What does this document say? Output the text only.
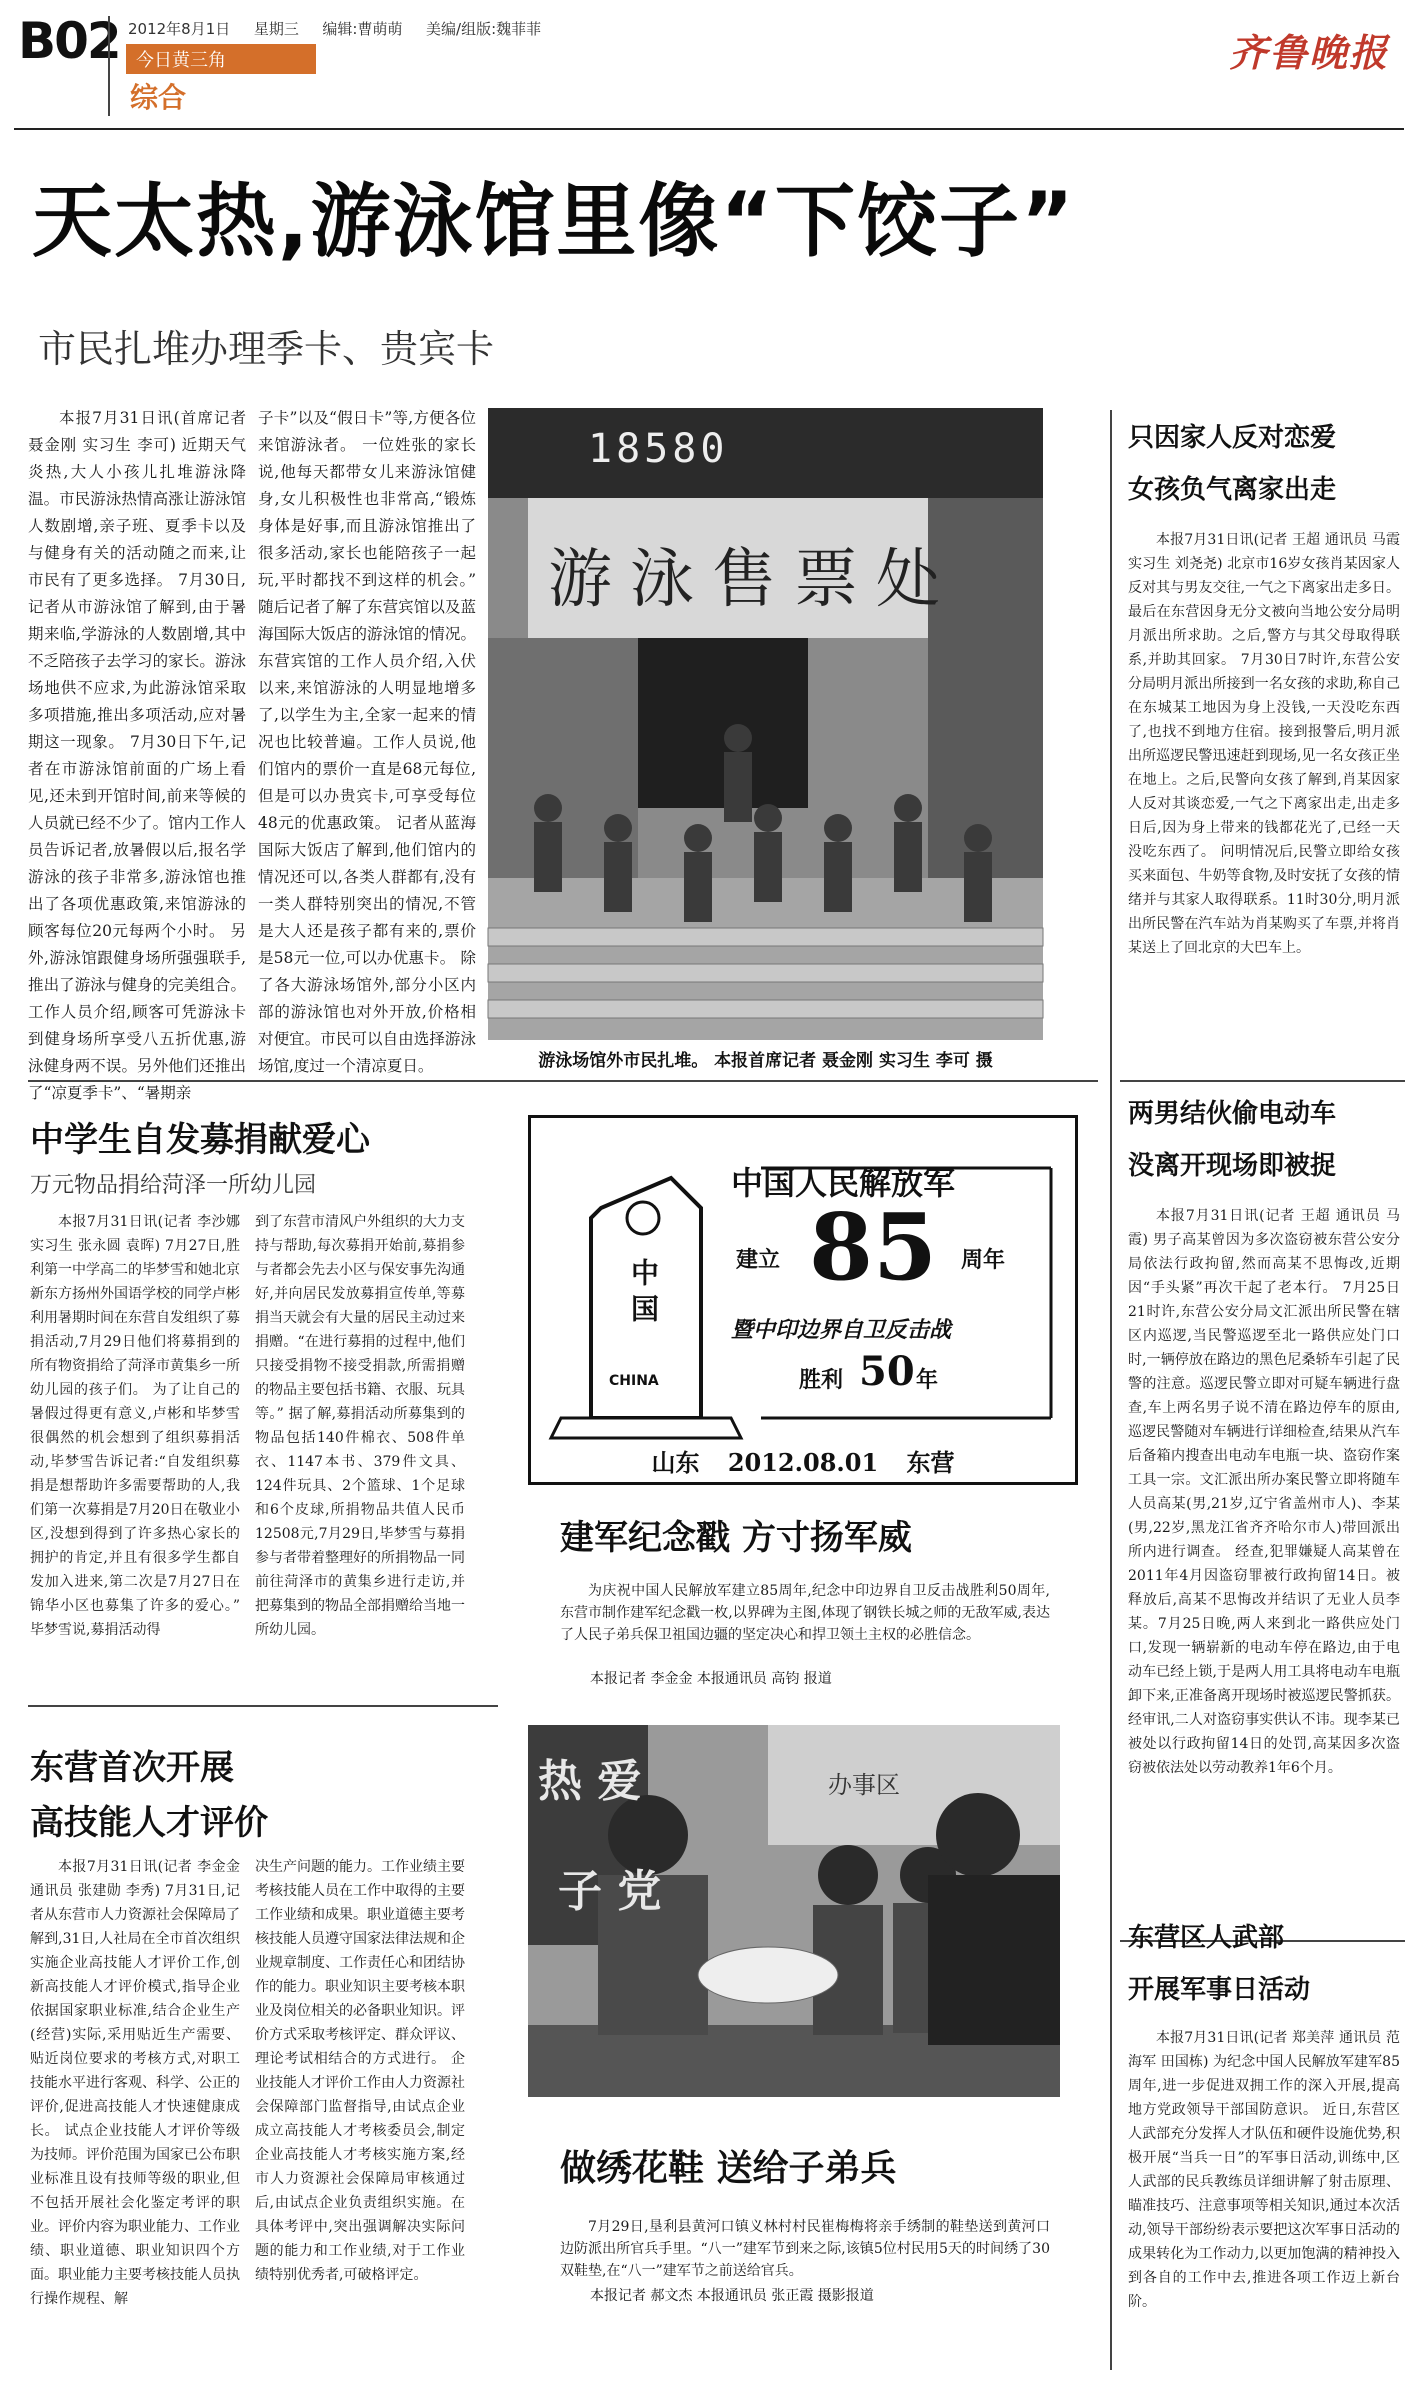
B02 2012年8月1日 星期三 编辑:曹萌萌 美编/组版:魏菲菲
今日黄三角
综合
齐鲁晚报
天太热,游泳馆里像“下饺子”
市民扎堆办理季卡、贵宾卡
本报7月31日讯(首席记者 聂金刚 实习生 李可) 近期天气炎热,大人小孩儿扎堆游泳降温。市民游泳热情高涨让游泳馆人数剧增,亲子班、夏季卡以及与健身有关的活动随之而来,让市民有了更多选择。 7月30日,记者从市游泳馆了解到,由于暑期来临,学游泳的人数剧增,其中不乏陪孩子去学习的家长。游泳场地供不应求,为此游泳馆采取多项措施,推出多项活动,应对暑期这一现象。 7月30日下午,记者在市游泳馆前面的广场上看见,还未到开馆时间,前来等候的人员就已经不少了。馆内工作人员告诉记者,放暑假以后,报名学游泳的孩子非常多,游泳馆也推出了各项优惠政策,来馆游泳的顾客每位20元每两个小时。 另外,游泳馆跟健身场所强强联手,推出了游泳与健身的完美组合。工作人员介绍,顾客可凭游泳卡到健身场所享受八五折优惠,游泳健身两不误。另外他们还推出了“凉夏季卡”、“暑期亲
子卡”以及“假日卡”等,方便各位来馆游泳者。 一位姓张的家长说,他每天都带女儿来游泳馆健身,女儿积极性也非常高,“锻炼身体是好事,而且游泳馆推出了很多活动,家长也能陪孩子一起玩,平时都找不到这样的机会。” 随后记者了解了东营宾馆以及蓝海国际大饭店的游泳馆的情况。东营宾馆的工作人员介绍,入伏以来,来馆游泳的人明显地增多了,以学生为主,全家一起来的情况也比较普遍。工作人员说,他们馆内的票价一直是68元每位,但是可以办贵宾卡,可享受每位48元的优惠政策。 记者从蓝海国际大饭店了解到,他们馆内的情况还可以,各类人群都有,没有一类人群特别突出的情况,不管是大人还是孩子都有来的,票价是58元一位,可以办优惠卡。 除了各大游泳场馆外,部分小区内部的游泳馆也对外开放,价格相对便宜。市民可以自由选择游泳场馆,度过一个清凉夏日。
18580
游泳售票处
游泳场馆外市民扎堆。 本报首席记者 聂金刚 实习生 李可 摄
只因家人反对恋爱
女孩负气离家出走
本报7月31日讯(记者 王超 通讯员 马霞 实习生 刘尧尧) 北京市16岁女孩肖某因家人反对其与男友交往,一气之下离家出走多日。最后在东营因身无分文被向当地公安分局明月派出所求助。之后,警方与其父母取得联系,并助其回家。 7月30日7时许,东营公安分局明月派出所接到一名女孩的求助,称自己在东城某工地因为身上没钱,一天没吃东西了,也找不到地方住宿。接到报警后,明月派出所巡逻民警迅速赶到现场,见一名女孩正坐在地上。之后,民警向女孩了解到,肖某因家人反对其谈恋爱,一气之下离家出走,出走多日后,因为身上带来的钱都花光了,已经一天没吃东西了。 问明情况后,民警立即给女孩买来面包、牛奶等食物,及时安抚了女孩的情绪并与其家人取得联系。11时30分,明月派出所民警在汽车站为肖某购买了车票,并将肖某送上了回北京的大巴车上。
两男结伙偷电动车
没离开现场即被捉
本报7月31日讯(记者 王超 通讯员 马霞) 男子高某曾因为多次盗窃被东营公安分局依法行政拘留,然而高某不思悔改,近期因“手头紧”再次干起了老本行。 7月25日21时许,东营公安分局文汇派出所民警在辖区内巡逻,当民警巡逻至北一路供应处门口时,一辆停放在路边的黑色尼桑轿车引起了民警的注意。巡逻民警立即对可疑车辆进行盘查,车上两名男子说不清在路边停车的原由,巡逻民警随对车辆进行详细检查,结果从汽车后备箱内搜查出电动车电瓶一块、盗窃作案工具一宗。文汇派出所办案民警立即将随车人员高某(男,21岁,辽宁省盖州市人)、李某(男,22岁,黑龙江省齐齐哈尔市人)带回派出所内进行调查。 经查,犯罪嫌疑人高某曾在2011年4月因盗窃罪被行政拘留14日。被释放后,高某不思悔改并结识了无业人员李某。7月25日晚,两人来到北一路供应处门口,发现一辆崭新的电动车停在路边,由于电动车已经上锁,于是两人用工具将电动车电瓶卸下来,正准备离开现场时被巡逻民警抓获。 经审讯,二人对盗窃事实供认不讳。现李某已被处以行政拘留14日的处罚,高某因多次盗窃被依法处以劳动教养1年6个月。
东营区人武部
开展军事日活动
本报7月31日讯(记者 郑美萍 通讯员 范海军 田国栋) 为纪念中国人民解放军建军85周年,进一步促进双拥工作的深入开展,提高地方党政领导干部国防意识。 近日,东营区人武部充分发挥人才队伍和硬件设施优势,积极开展“当兵一日”的军事日活动,训练中,区人武部的民兵教练员详细讲解了射击原理、瞄准技巧、注意事项等相关知识,通过本次活动,领导干部纷纷表示要把这次军事日活动的成果转化为工作动力,以更加饱满的精神投入到各自的工作中去,推进各项工作迈上新台阶。
中学生自发募捐献爱心
万元物品捐给菏泽一所幼儿园
本报7月31日讯(记者 李沙娜 实习生 张永圆 袁晖) 7月27日,胜利第一中学高二的毕梦雪和她北京新东方扬州外国语学校的同学卢彬利用暑期时间在东营自发组织了募捐活动,7月29日他们将募捐到的所有物资捐给了菏泽市黄集乡一所幼儿园的孩子们。 为了让自己的暑假过得更有意义,卢彬和毕梦雪很偶然的机会想到了组织募捐活动,毕梦雪告诉记者:“自发组织募捐是想帮助许多需要帮助的人,我们第一次募捐是7月20日在敬业小区,没想到得到了许多热心家长的拥护的肯定,并且有很多学生都自发加入进来,第二次是7月27日在锦华小区也募集了许多的爱心。” 毕梦雪说,募捐活动得
到了东营市清风户外组织的大力支持与帮助,每次募捐开始前,募捐参与者都会先去小区与保安事先沟通好,并向居民发放募捐宣传单,等募捐当天就会有大量的居民主动过来捐赠。“在进行募捐的过程中,他们只接受捐物不接受捐款,所需捐赠的物品主要包括书籍、衣服、玩具等。” 据了解,募捐活动所募集到的物品包括140件棉衣、508件单衣、1147本书、379件文具、124件玩具、2个篮球、1个足球和6个皮球,所捐物品共值人民币12508元,7月29日,毕梦雪与募捐参与者带着整理好的所捐物品一同前往菏泽市的黄集乡进行走访,并把募集到的物品全部捐赠给当地一所幼儿园。
东营首次开展
高技能人才评价
本报7月31日讯(记者 李金金 通讯员 张建勋 李秀) 7月31日,记者从东营市人力资源社会保障局了解到,31日,人社局在全市首次组织实施企业高技能人才评价工作,创新高技能人才评价模式,指导企业依据国家职业标准,结合企业生产(经营)实际,采用贴近生产需要、贴近岗位要求的考核方式,对职工技能水平进行客观、科学、公正的评价,促进高技能人才快速健康成长。 试点企业技能人才评价等级为技师。评价范围为国家已公布职业标准且设有技师等级的职业,但不包括开展社会化鉴定考评的职业。评价内容为职业能力、工作业绩、职业道德、职业知识四个方面。职业能力主要考核技能人员执行操作规程、解
决生产问题的能力。工作业绩主要考核技能人员在工作中取得的主要工作业绩和成果。职业道德主要考核技能人员遵守国家法律法规和企业规章制度、工作责任心和团结协作的能力。职业知识主要考核本职业及岗位相关的必备职业知识。评价方式采取考核评定、群众评议、理论考试相结合的方式进行。 企业技能人才评价工作由人力资源社会保障部门监督指导,由试点企业成立高技能人才考核委员会,制定企业高技能人才考核实施方案,经市人力资源社会保障局审核通过后,由试点企业负责组织实施。在具体考评中,突出强调解决实际问题的能力和工作业绩,对于工作业绩特别优秀者,可破格评定。
中国人民解放军
建立 85 周年
暨中印边界自卫反击战
胜利 50 年
中国
CHINA
山东 2012.08.01 东营
建军纪念戳 方寸扬军威
为庆祝中国人民解放军建立85周年,纪念中印边界自卫反击战胜利50周年,东营市制作建军纪念戳一枚,以界碑为主图,体现了钢铁长城之师的无敌军威,表达了人民子弟兵保卫祖国边疆的坚定决心和捍卫领土主权的必胜信念。
本报记者 李金金 本报通讯员 高钧 报道
热 爱
子 党
办事区
做绣花鞋 送给子弟兵
7月29日,垦利县黄河口镇义林村村民崔梅梅将亲手绣制的鞋垫送到黄河口边防派出所官兵手里。“八一”建军节到来之际,该镇5位村民用5天的时间绣了30双鞋垫,在“八一”建军节之前送给官兵。
本报记者 郝文杰 本报通讯员 张正霞 摄影报道
